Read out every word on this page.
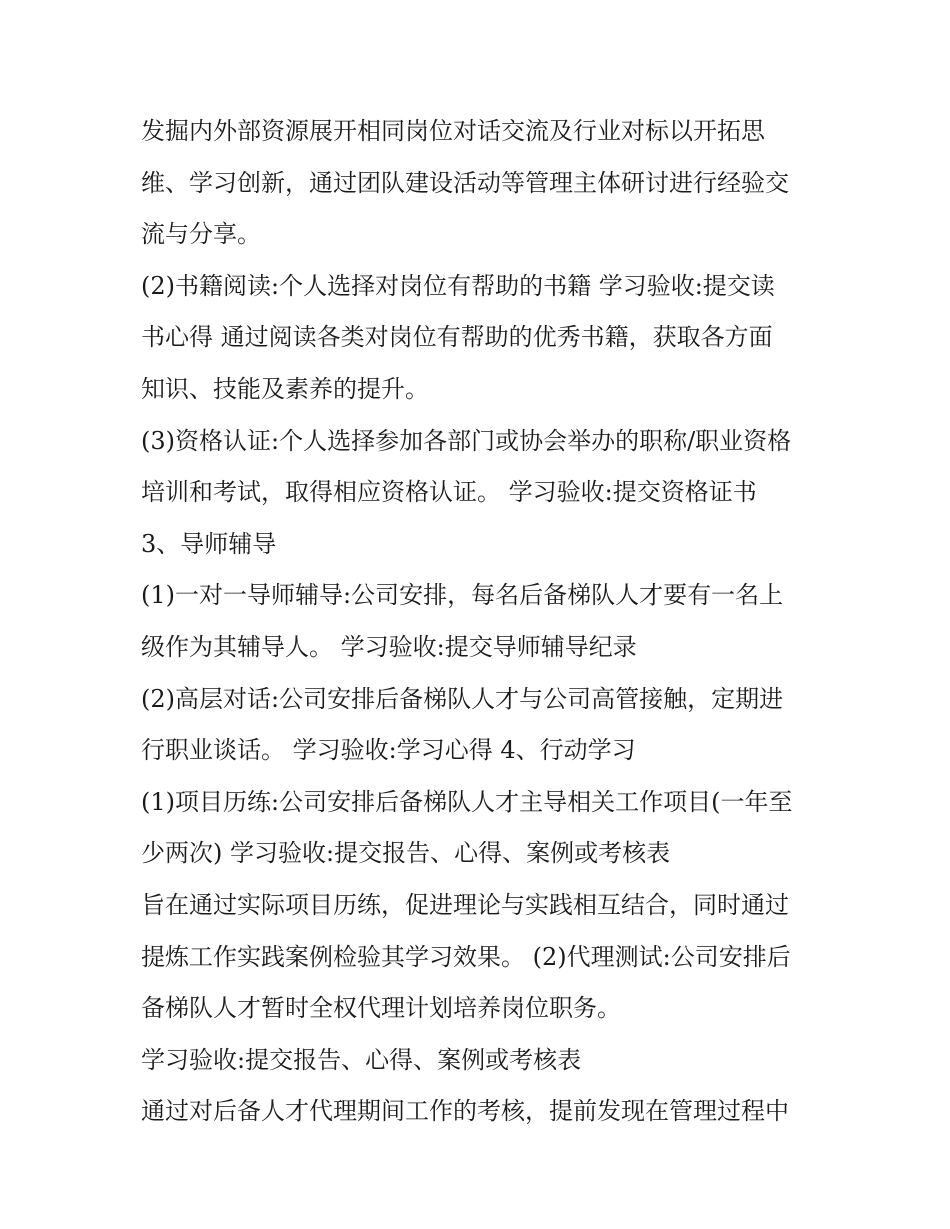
发掘内外部资源展开相同岗位对话交流及行业对标以开拓思
维、学习创新，通过团队建设活动等管理主体研讨进行经验交
流与分享。
(2)书籍阅读:个人选择对岗位有帮助的书籍 学习验收:提交读
书心得 通过阅读各类对岗位有帮助的优秀书籍，获取各方面
知识、技能及素养的提升。
(3)资格认证:个人选择参加各部门或协会举办的职称/职业资格
培训和考试，取得相应资格认证。 学习验收:提交资格证书
3、导师辅导
(1)一对一导师辅导:公司安排，每名后备梯队人才要有一名上
级作为其辅导人。 学习验收:提交导师辅导纪录
(2)高层对话:公司安排后备梯队人才与公司高管接触，定期进
行职业谈话。 学习验收:学习心得 4、行动学习
(1)项目历练:公司安排后备梯队人才主导相关工作项目(一年至
少两次) 学习验收:提交报告、心得、案例或考核表
旨在通过实际项目历练，促进理论与实践相互结合，同时通过
提炼工作实践案例检验其学习效果。 (2)代理测试:公司安排后
备梯队人才暂时全权代理计划培养岗位职务。
学习验收:提交报告、心得、案例或考核表
通过对后备人才代理期间工作的考核，提前发现在管理过程中
